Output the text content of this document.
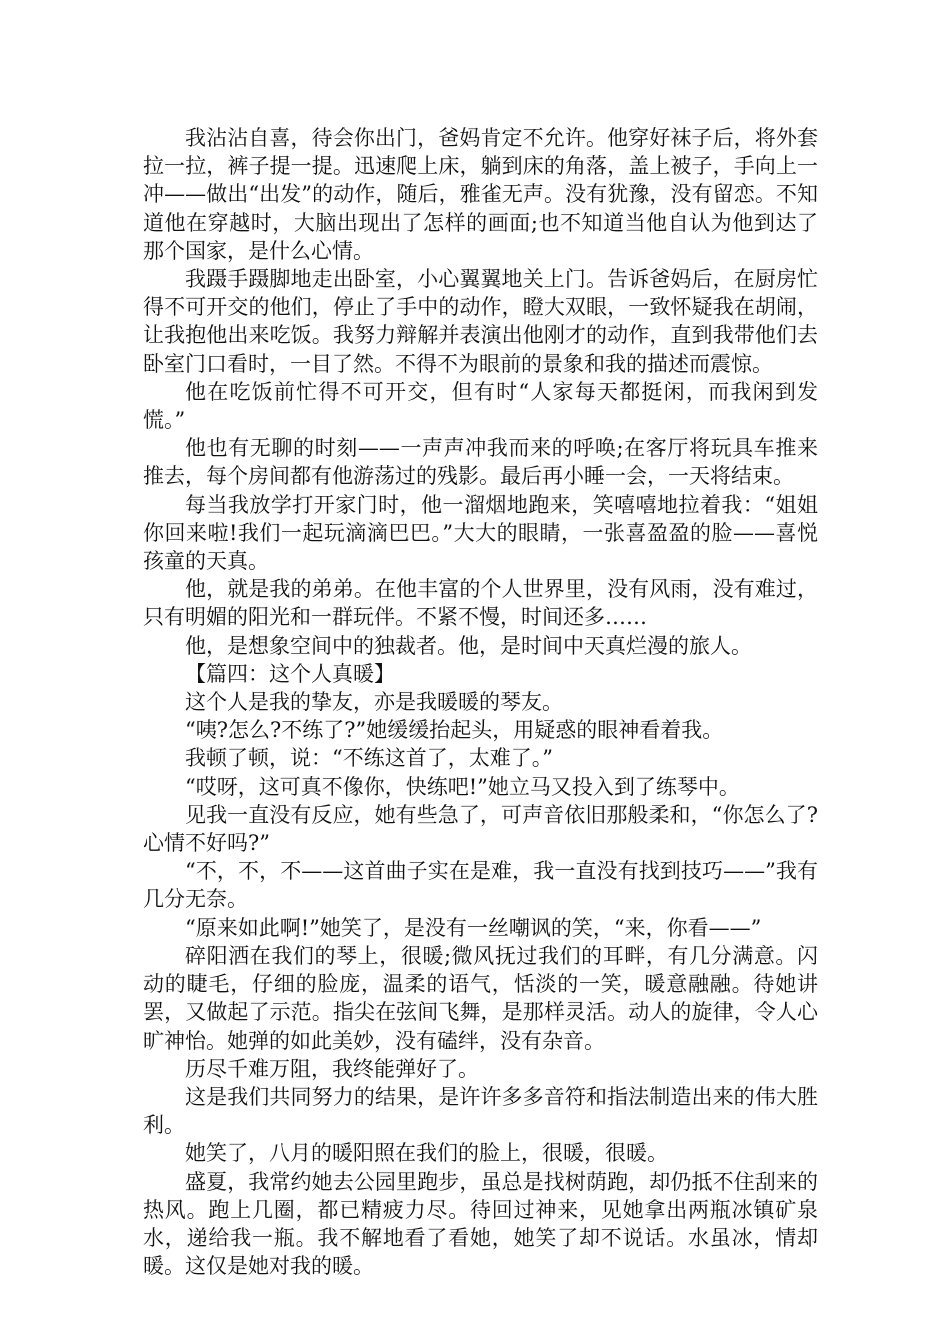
我沾沾自喜，待会你出门，爸妈肯定不允许。他穿好袜子后，将外套拉一拉，裤子提一提。迅速爬上床，躺到床的角落，盖上被子，手向上一冲——做出“出发”的动作，随后，雅雀无声。没有犹豫，没有留恋。不知道他在穿越时，大脑出现出了怎样的画面;也不知道当他自认为他到达了那个国家，是什么心情。

我蹑手蹑脚地走出卧室，小心翼翼地关上门。告诉爸妈后，在厨房忙得不可开交的他们，停止了手中的动作，瞪大双眼，一致怀疑我在胡闹，让我抱他出来吃饭。我努力辩解并表演出他刚才的动作，直到我带他们去卧室门口看时，一目了然。不得不为眼前的景象和我的描述而震惊。

他在吃饭前忙得不可开交，但有时“人家每天都挺闲，而我闲到发慌。”

他也有无聊的时刻——一声声冲我而来的呼唤;在客厅将玩具车推来推去，每个房间都有他游荡过的残影。最后再小睡一会，一天将结束。

每当我放学打开家门时，他一溜烟地跑来，笑嘻嘻地拉着我：“姐姐你回来啦!我们一起玩滴滴巴巴。”大大的眼睛，一张喜盈盈的脸——喜悦孩童的天真。

他，就是我的弟弟。在他丰富的个人世界里，没有风雨，没有难过，只有明媚的阳光和一群玩伴。不紧不慢，时间还多……

他，是想象空间中的独裁者。他，是时间中天真烂漫的旅人。

【篇四：这个人真暖】

这个人是我的挚友，亦是我暖暖的琴友。

“咦?怎么?不练了?”她缓缓抬起头，用疑惑的眼神看着我。

我顿了顿，说：“不练这首了，太难了。”

“哎呀，这可真不像你，快练吧!”她立马又投入到了练琴中。

见我一直没有反应，她有些急了，可声音依旧那般柔和，“你怎么了?心情不好吗?”

“不，不，不——这首曲子实在是难，我一直没有找到技巧——”我有几分无奈。

“原来如此啊!”她笑了，是没有一丝嘲讽的笑，“来，你看——”

碎阳洒在我们的琴上，很暖;微风抚过我们的耳畔，有几分满意。闪动的睫毛，仔细的脸庞，温柔的语气，恬淡的一笑，暖意融融。待她讲罢，又做起了示范。指尖在弦间飞舞，是那样灵活。动人的旋律，令人心旷神怡。她弹的如此美妙，没有磕绊，没有杂音。

历尽千难万阻，我终能弹好了。

这是我们共同努力的结果，是许许多多音符和指法制造出来的伟大胜利。

她笑了，八月的暖阳照在我们的脸上，很暖，很暖。

盛夏，我常约她去公园里跑步，虽总是找树荫跑，却仍抵不住刮来的热风。跑上几圈，都已精疲力尽。待回过神来，见她拿出两瓶冰镇矿泉水，递给我一瓶。我不解地看了看她，她笑了却不说话。水虽冰，情却暖。这仅是她对我的暖。
